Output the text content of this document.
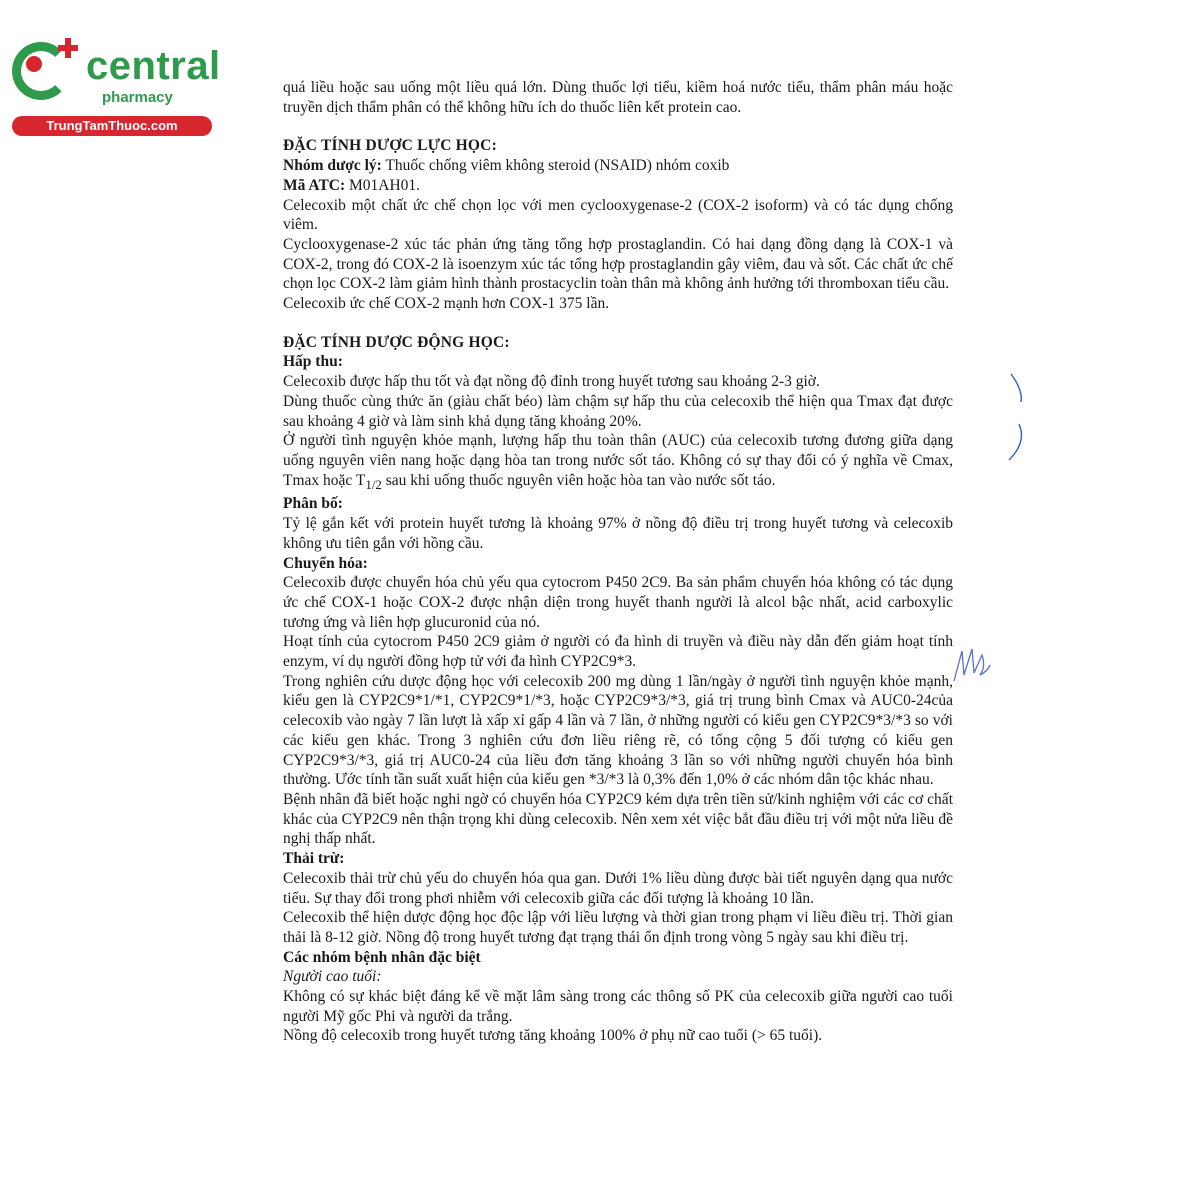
central
pharmacy
TrungTamThuoc.com

quá liều hoặc sau uống một liều quá lớn. Dùng thuốc lợi tiểu, kiềm hoá nước tiểu, thẩm phân máu hoặc truyền dịch thẩm phân có thể không hữu ích do thuốc liên kết protein cao.

ĐẶC TÍNH DƯỢC LỰC HỌC:

Nhóm dược lý: Thuốc chống viêm không steroid (NSAID) nhóm coxib

Mã ATC: M01AH01.

Celecoxib một chất ức chế chọn lọc với men cyclooxygenase-2 (COX-2 isoform) và có tác dụng chống viêm.

Cyclooxygenase-2 xúc tác phản ứng tăng tổng hợp prostaglandin. Có hai dạng đồng dạng là COX-1 và COX-2, trong đó COX-2 là isoenzym xúc tác tổng hợp prostaglandin gây viêm, đau và sốt. Các chất ức chế chọn lọc COX-2 làm giảm hình thành prostacyclin toàn thân mà không ảnh hưởng tới thromboxan tiểu cầu.

Celecoxib ức chế COX-2 mạnh hơn COX-1 375 lần.

ĐẶC TÍNH DƯỢC ĐỘNG HỌC:

Hấp thu:

Celecoxib được hấp thu tốt và đạt nồng độ đỉnh trong huyết tương sau khoảng 2-3 giờ.

Dùng thuốc cùng thức ăn (giàu chất béo) làm chậm sự hấp thu của celecoxib thể hiện qua Tmax đạt được sau khoảng 4 giờ và làm sinh khả dụng tăng khoảng 20%.

Ở người tình nguyện khỏe mạnh, lượng hấp thu toàn thân (AUC) của celecoxib tương đương giữa dạng uống nguyên viên nang hoặc dạng hòa tan trong nước sốt táo. Không có sự thay đổi có ý nghĩa về Cmax, Tmax hoặc $T_{1/2}$ sau khi uống thuốc nguyên viên hoặc hòa tan vào nước sốt táo.

Phân bố:

Tỷ lệ gắn kết với protein huyết tương là khoảng 97% ở nồng độ điều trị trong huyết tương và celecoxib không ưu tiên gắn với hồng cầu.

Chuyển hóa:

Celecoxib được chuyển hóa chủ yếu qua cytocrom P450 2C9. Ba sản phẩm chuyển hóa không có tác dụng ức chế COX-1 hoặc COX-2 được nhận diện trong huyết thanh người là alcol bậc nhất, acid carboxylic tương ứng và liên hợp glucuronid của nó.

Hoạt tính của cytocrom P450 2C9 giảm ở người có đa hình di truyền và điều này dẫn đến giảm hoạt tính enzym, ví dụ người đồng hợp tử với đa hình CYP2C9*3.

Trong nghiên cứu dược động học với celecoxib 200 mg dùng 1 lần/ngày ở người tình nguyện khỏe mạnh, kiểu gen là CYP2C9*1/*1, CYP2C9*1/*3, hoặc CYP2C9*3/*3, giá trị trung bình Cmax và AUC0-24của celecoxib vào ngày 7 lần lượt là xấp xỉ gấp 4 lần và 7 lần, ở những người có kiểu gen CYP2C9*3/*3 so với các kiểu gen khác. Trong 3 nghiên cứu đơn liều riêng rẽ, có tổng cộng 5 đối tượng có kiểu gen CYP2C9*3/*3, giá trị AUC0-24 của liều đơn tăng khoảng 3 lần so với những người chuyển hóa bình thường. Ước tính tần suất xuất hiện của kiểu gen *3/*3 là 0,3% đến 1,0% ở các nhóm dân tộc khác nhau.

Bệnh nhân đã biết hoặc nghi ngờ có chuyển hóa CYP2C9 kém dựa trên tiền sử/kinh nghiệm với các cơ chất khác của CYP2C9 nên thận trọng khi dùng celecoxib. Nên xem xét việc bắt đầu điều trị với một nửa liều đề nghị thấp nhất.

Thải trừ:

Celecoxib thải trừ chủ yếu do chuyển hóa qua gan. Dưới 1% liều dùng được bài tiết nguyên dạng qua nước tiểu. Sự thay đổi trong phơi nhiễm với celecoxib giữa các đối tượng là khoảng 10 lần.

Celecoxib thể hiện dược động học độc lập với liều lượng và thời gian trong phạm vi liều điều trị. Thời gian thải là 8-12 giờ. Nồng độ trong huyết tương đạt trạng thái ổn định trong vòng 5 ngày sau khi điều trị.

Các nhóm bệnh nhân đặc biệt

Người cao tuổi:

Không có sự khác biệt đáng kể về mặt lâm sàng trong các thông số PK của celecoxib giữa người cao tuổi người Mỹ gốc Phi và người da trắng.

Nồng độ celecoxib trong huyết tương tăng khoảng 100% ở phụ nữ cao tuổi (> 65 tuổi).
